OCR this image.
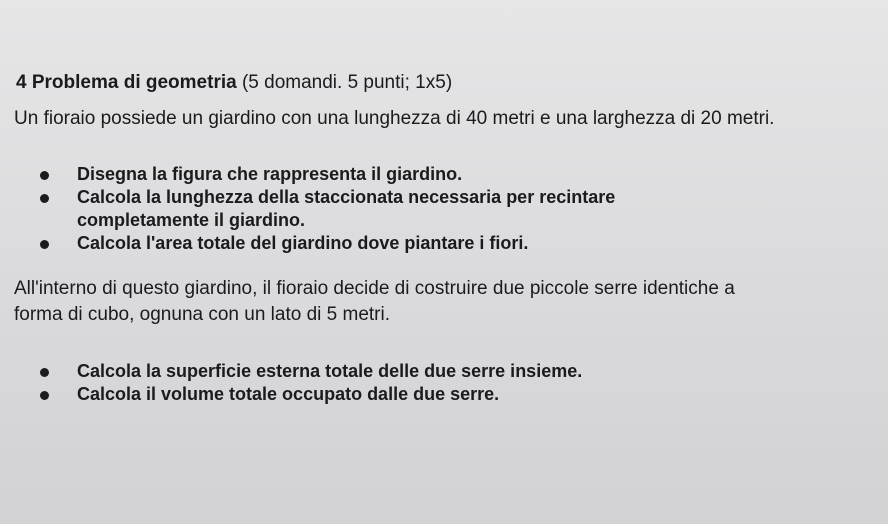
⁠ ⁠ ⁠ ⁠ ⁠
4 Problema di geometria (5 domandi. 5 punti; 1x5)

Un fioraio possiede un giardino con una lunghezza di 40 metri e una larghezza di 20 metri.

Disegna la figura che rappresenta il giardino.
Calcola la lunghezza della staccionata necessaria per recintare
completamente il giardino.
Calcola l'area totale del giardino dove piantare i fiori.

All'interno di questo giardino, il fioraio decide di costruire due piccole serre identiche a
forma di cubo, ognuna con un lato di 5 metri.

Calcola la superficie esterna totale delle due serre insieme.
Calcola il volume totale occupato dalle due serre.
